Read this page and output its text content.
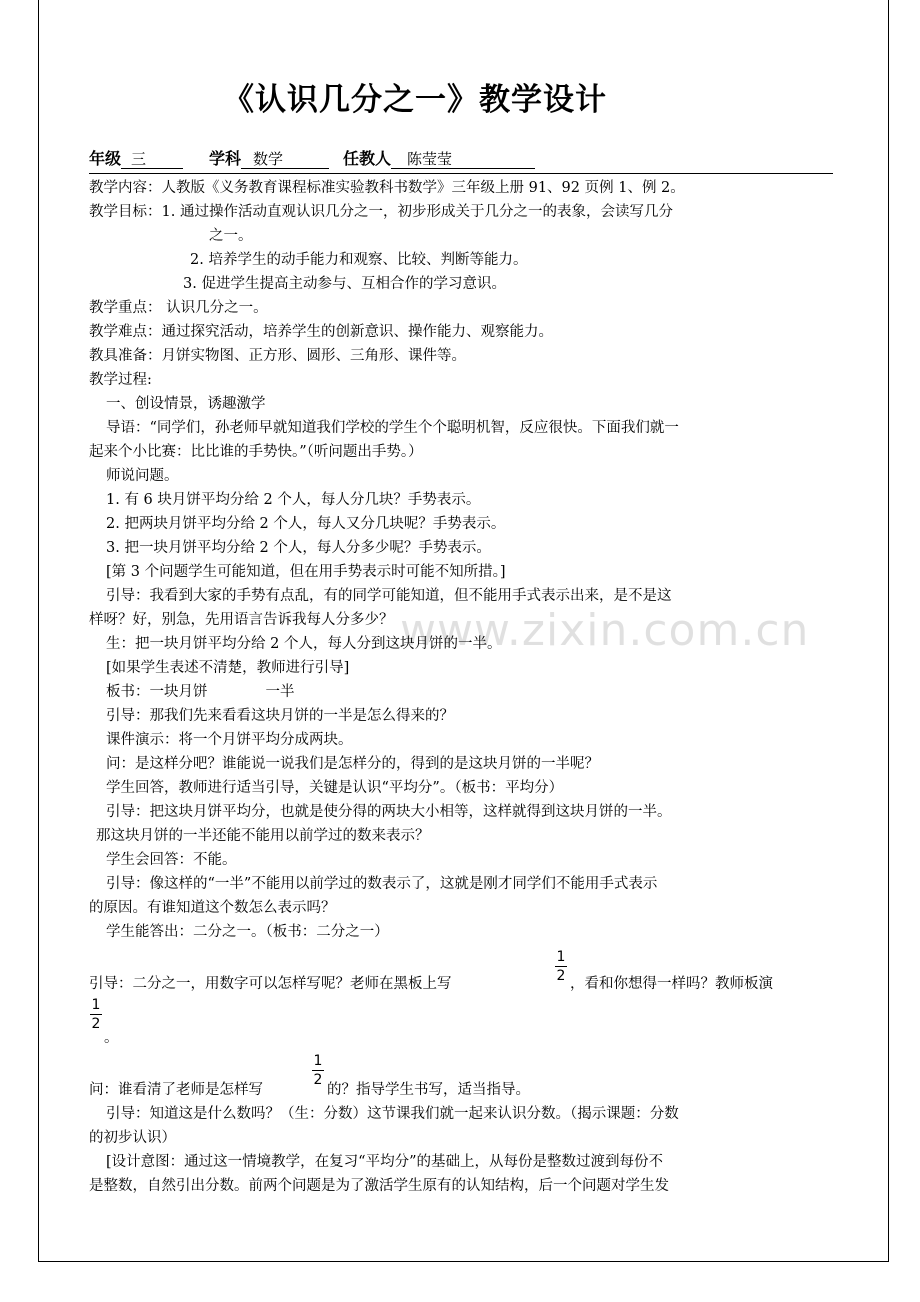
《认识几分之一》教学设计
年级 三	学科 数学	任教人 陈莹莹
www.zixin.com.cn
教学内容：人教版《义务教育课程标准实验教科书数学》三年级上册 91、92 页例 1、例 2。
教学目标：1. 通过操作活动直观认识几分之一，初步形成关于几分之一的表象，会读写几分
之一。
2. 培养学生的动手能力和观察、比较、判断等能力。
3. 促进学生提高主动参与、互相合作的学习意识。
教学重点： 认识几分之一。
教学难点：通过探究活动，培养学生的创新意识、操作能力、观察能力。
教具准备：月饼实物图、正方形、圆形、三角形、课件等。
教学过程:
一、创设情景，诱趣激学
导语：“同学们，孙老师早就知道我们学校的学生个个聪明机智，反应很快。下面我们就一
起来个小比赛：比比谁的手势快。”（听问题出手势。）
师说问题。
1. 有 6 块月饼平均分给 2 个人，每人分几块？手势表示。
2. 把两块月饼平均分给 2 个人，每人又分几块呢？手势表示。
3. 把一块月饼平均分给 2 个人，每人分多少呢？手势表示。
[第 3 个问题学生可能知道，但在用手势表示时可能不知所措。]
引导：我看到大家的手势有点乱，有的同学可能知道，但不能用手式表示出来，是不是这
样呀？好，别急，先用语言告诉我每人分多少？
生：把一块月饼平均分给 2 个人，每人分到这块月饼的一半。
[如果学生表述不清楚，教师进行引导]
板书：一块月饼　　　　一半
引导：那我们先来看看这块月饼的一半是怎么得来的？
课件演示：将一个月饼平均分成两块。
问：是这样分吧？谁能说一说我们是怎样分的，得到的是这块月饼的一半呢？
学生回答，教师进行适当引导，关键是认识“平均分”。（板书：平均分）
引导：把这块月饼平均分，也就是使分得的两块大小相等，这样就得到这块月饼的一半。
那这块月饼的一半还能不能用以前学过的数来表示？
学生会回答：不能。
引导：像这样的“一半”不能用以前学过的数表示了，这就是刚才同学们不能用手式表示
的原因。有谁知道这个数怎么表示吗？
学生能答出：二分之一。（板书：二分之一）
引导：二分之一，用数字可以怎样写呢？老师在黑板上写
1
2 ，看和你想得一样吗？教师板演
1
2
。
问：谁看清了老师是怎样写
1
2
的？指导学生书写，适当指导。
引导：知道这是什么数吗？（生：分数）这节课我们就一起来认识分数。（揭示课题：分数
的初步认识）
[设计意图：通过这一情境教学，在复习“平均分”的基础上，从每份是整数过渡到每份不
是整数，自然引出分数。前两个问题是为了激活学生原有的认知结构，后一个问题对学生发
